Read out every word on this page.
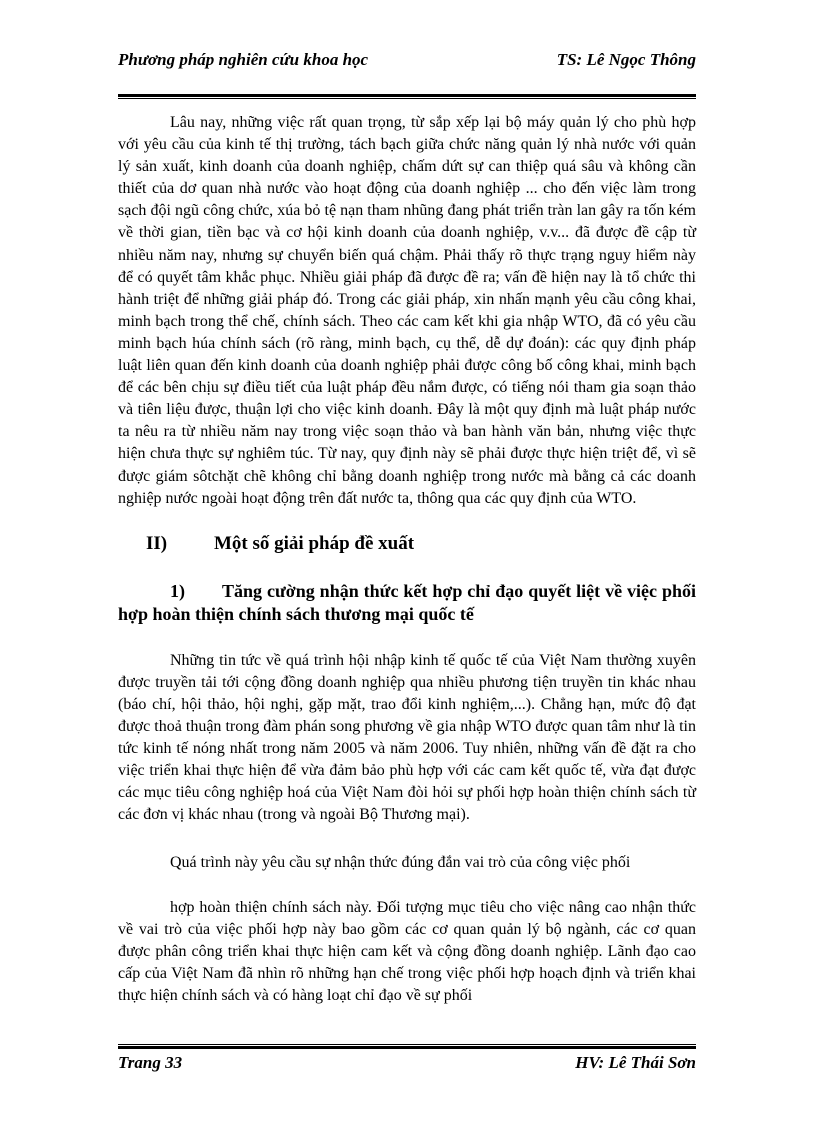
Phương pháp nghiên cứu khoa học	TS: Lê Ngọc Thông

Lâu nay, những việc rất quan trọng, từ sắp xếp lại bộ máy quản lý cho phù hợp với yêu cầu của kinh tế thị trường, tách bạch giữa chức năng quản lý nhà nước với quản lý sản xuất, kinh doanh của doanh nghiệp, chấm dứt sự can thiệp quá sâu và không cần thiết của dơ quan nhà nước vào hoạt động của doanh nghiệp ... cho đến việc làm trong sạch đội ngũ công chức, xúa bỏ tệ nạn tham nhũng đang phát triển tràn lan gây ra tốn kém về thời gian, tiền bạc và cơ hội kinh doanh của doanh nghiệp, v.v... đã được đề cập từ nhiều năm nay, nhưng sự chuyển biến quá chậm. Phải thấy rõ thực trạng nguy hiểm này để có quyết tâm khắc phục. Nhiều giải pháp đã được đề ra; vấn đề hiện nay là tổ chức thi hành triệt để những giải pháp đó. Trong các giải pháp, xin nhấn mạnh yêu cầu công khai, minh bạch trong thể chế, chính sách. Theo các cam kết khi gia nhập WTO, đã có yêu cầu minh bạch húa chính sách (rõ ràng, minh bạch, cụ thể, dễ dự đoán): các quy định pháp luật liên quan đến kinh doanh của doanh nghiệp phải được công bố công khai, minh bạch để các bên chịu sự điều tiết của luật pháp đều nắm được, có tiếng nói tham gia soạn thảo và tiên liệu được, thuận lợi cho việc kinh doanh. Đây là một quy định mà luật pháp nước ta nêu ra từ nhiều năm nay trong việc soạn thảo và ban hành văn bản, nhưng việc thực hiện chưa thực sự nghiêm túc. Từ nay, quy định này sẽ phải được thực hiện triệt để, vì sẽ được giám sôtchặt chẽ không chỉ bằng doanh nghiệp trong nước mà bằng cả các doanh nghiệp nước ngoài hoạt động trên đất nước ta, thông qua các quy định của WTO.

II) Một số giải pháp đề xuất
1) Tăng cường nhận thức kết hợp chỉ đạo quyết liệt về việc phối hợp hoàn thiện chính sách thương mại quốc tế

Những tin tức về quá trình hội nhập kinh tế quốc tế của Việt Nam thường xuyên được truyền tải tới cộng đồng doanh nghiệp qua nhiều phương tiện truyền tin khác nhau (báo chí, hội thảo, hội nghị, gặp mặt, trao đổi kinh nghiệm,...). Chẳng hạn, mức độ đạt được thoả thuận trong đàm phán song phương về gia nhập WTO được quan tâm như là tin tức kinh tế nóng nhất trong năm 2005 và năm 2006. Tuy nhiên, những vấn đề đặt ra cho việc triển khai thực hiện để vừa đảm bảo phù hợp với các cam kết quốc tế, vừa đạt được các mục tiêu công nghiệp hoá của Việt Nam đòi hỏi sự phối hợp hoàn thiện chính sách từ các đơn vị khác nhau (trong và ngoài Bộ Thương mại).

Quá trình này yêu cầu sự nhận thức đúng đắn vai trò của công việc phối

hợp hoàn thiện chính sách này. Đối tượng mục tiêu cho việc nâng cao nhận thức về vai trò của việc phối hợp này bao gồm các cơ quan quản lý bộ ngành, các cơ quan được phân công triển khai thực hiện cam kết và cộng đồng doanh nghiệp. Lãnh đạo cao cấp của Việt Nam đã nhìn rõ những hạn chế trong việc phối hợp hoạch định và triển khai thực hiện chính sách và có hàng loạt chỉ đạo về sự phối

Trang 33	HV: Lê Thái Sơn
